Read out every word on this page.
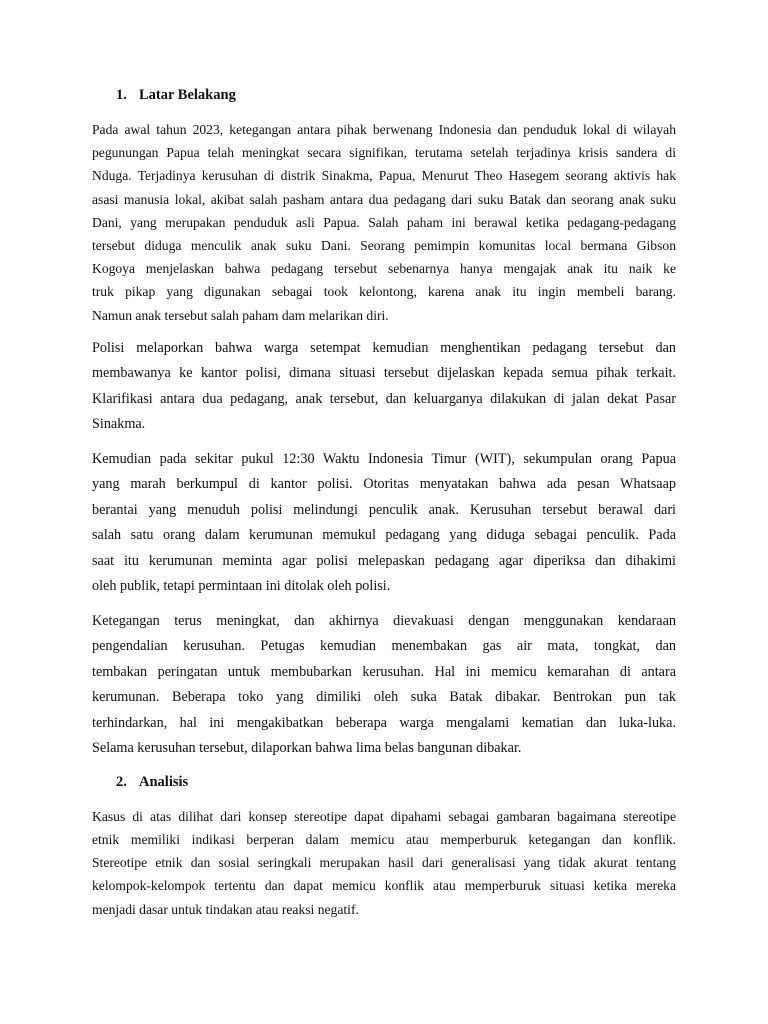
1. Latar Belakang
Pada awal tahun 2023, ketegangan antara pihak berwenang Indonesia dan penduduk lokal di wilayah
pegunungan Papua telah meningkat secara signifikan, terutama setelah terjadinya krisis sandera di
Nduga. Terjadinya kerusuhan di distrik Sinakma, Papua, Menurut Theo Hasegem seorang aktivis hak
asasi manusia lokal, akibat salah pasham antara dua pedagang dari suku Batak dan seorang anak suku
Dani, yang merupakan penduduk asli Papua. Salah paham ini berawal ketika pedagang-pedagang
tersebut diduga menculik anak suku Dani. Seorang pemimpin komunitas local bermana Gibson
Kogoya menjelaskan bahwa pedagang tersebut sebenarnya hanya mengajak anak itu naik ke
truk pikap yang digunakan sebagai took kelontong, karena anak itu ingin membeli barang.
Namun anak tersebut salah paham dam melarikan diri.
Polisi melaporkan bahwa warga setempat kemudian menghentikan pedagang tersebut dan
membawanya ke kantor polisi, dimana situasi tersebut dijelaskan kepada semua pihak terkait.
Klarifikasi antara dua pedagang, anak tersebut, dan keluarganya dilakukan di jalan dekat Pasar
Sinakma.
Kemudian pada sekitar pukul 12:30 Waktu Indonesia Timur (WIT), sekumpulan orang Papua
yang marah berkumpul di kantor polisi. Otoritas menyatakan bahwa ada pesan Whatsaap
berantai yang menuduh polisi melindungi penculik anak. Kerusuhan tersebut berawal dari
salah satu orang dalam kerumunan memukul pedagang yang diduga sebagai penculik. Pada
saat itu kerumunan meminta agar polisi melepaskan pedagang agar diperiksa dan dihakimi
oleh publik, tetapi permintaan ini ditolak oleh polisi.
Ketegangan terus meningkat, dan akhirnya dievakuasi dengan menggunakan kendaraan
pengendalian kerusuhan. Petugas kemudian menembakan gas air mata, tongkat, dan
tembakan peringatan untuk membubarkan kerusuhan. Hal ini memicu kemarahan di antara
kerumunan. Beberapa toko yang dimiliki oleh suka Batak dibakar. Bentrokan pun tak
terhindarkan, hal ini mengakibatkan beberapa warga mengalami kematian dan luka-luka.
Selama kerusuhan tersebut, dilaporkan bahwa lima belas bangunan dibakar.
2. Analisis
Kasus di atas dilihat dari konsep stereotipe dapat dipahami sebagai gambaran bagaimana stereotipe
etnik memiliki indikasi berperan dalam memicu atau memperburuk ketegangan dan konflik.
Stereotipe etnik dan sosial seringkali merupakan hasil dari generalisasi yang tidak akurat tentang
kelompok-kelompok tertentu dan dapat memicu konflik atau memperburuk situasi ketika mereka
menjadi dasar untuk tindakan atau reaksi negatif.
